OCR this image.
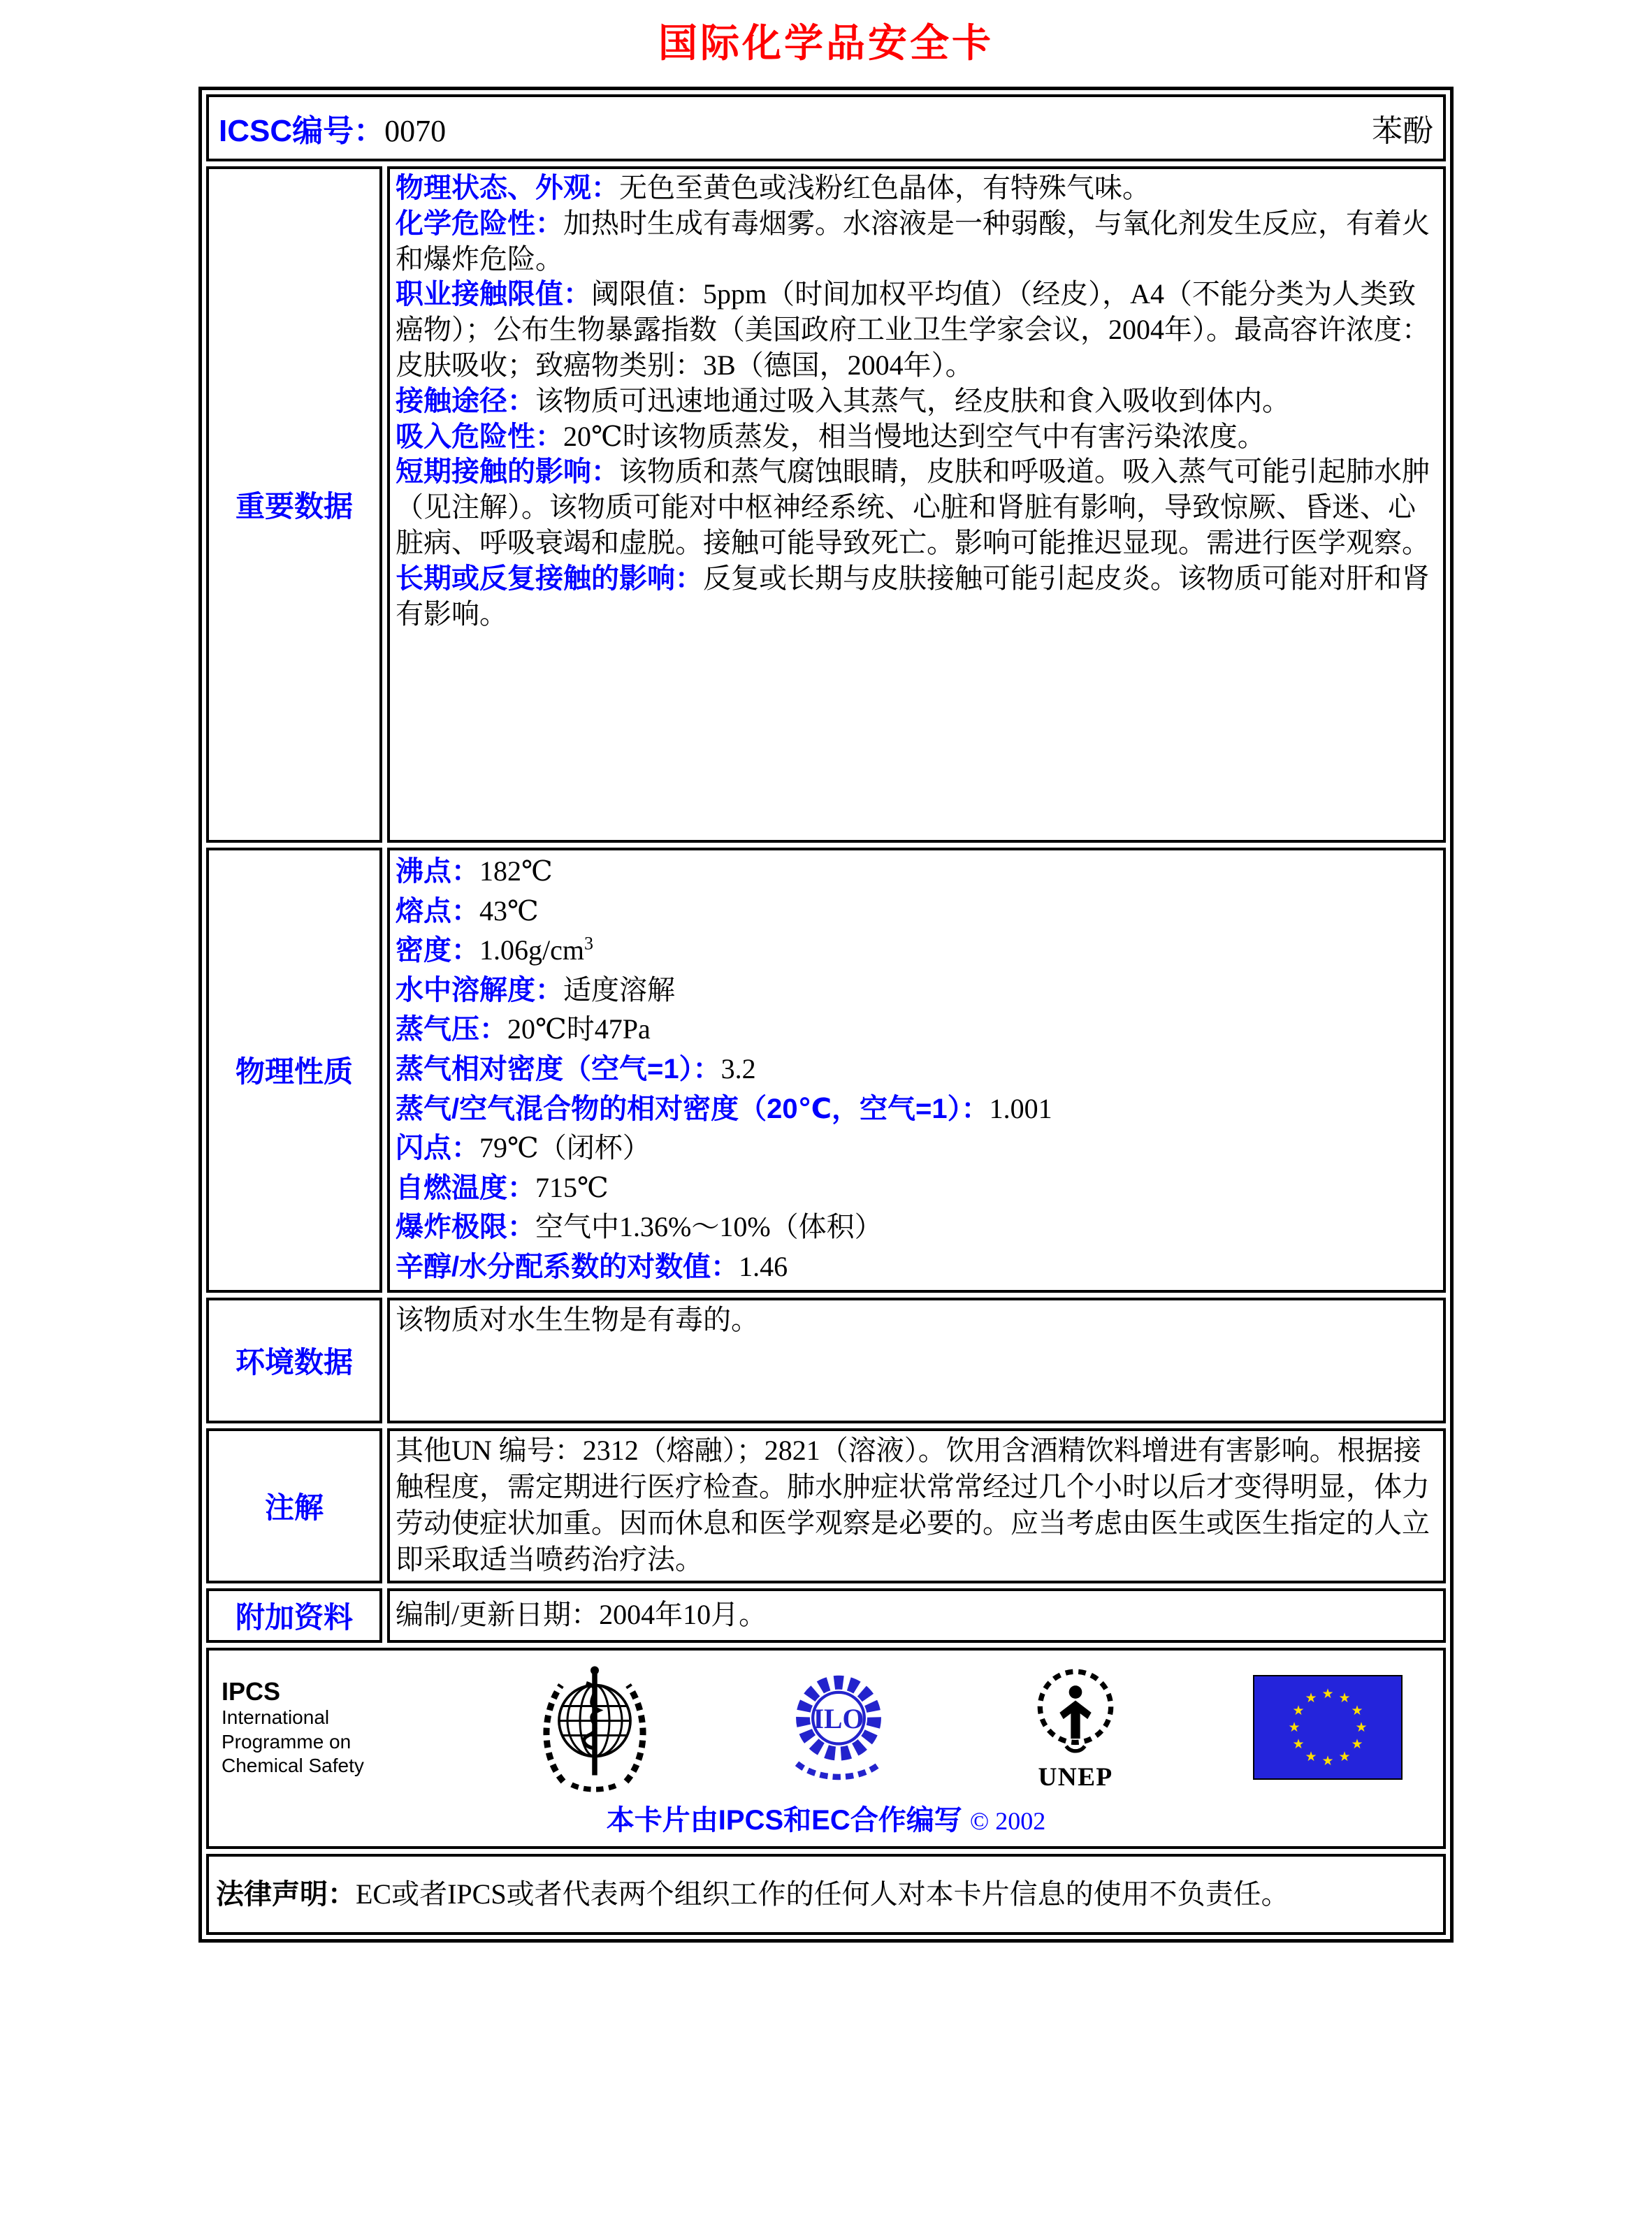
国际化学品安全卡
ICSC编号：0070	苯酚
重要数据

物理状态、外观：无色至黄色或浅粉红色晶体，有特殊气味。

化学危险性：加热时生成有毒烟雾。水溶液是一种弱酸，与氧化剂发生反应，有着火和爆炸危险。

职业接触限值：阈限值：5ppm（时间加权平均值）（经皮），A4（不能分类为人类致癌物）；公布生物暴露指数（美国政府工业卫生学家会议，2004年）。最高容许浓度：皮肤吸收；致癌物类别：3B（德国，2004年）。

接触途径：该物质可迅速地通过吸入其蒸气，经皮肤和食入吸收到体内。

吸入危险性：20℃时该物质蒸发，相当慢地达到空气中有害污染浓度。

短期接触的影响：该物质和蒸气腐蚀眼睛，皮肤和呼吸道。吸入蒸气可能引起肺水肿（见注解）。该物质可能对中枢神经系统、心脏和肾脏有影响，导致惊厥、昏迷、心脏病、呼吸衰竭和虚脱。接触可能导致死亡。影响可能推迟显现。需进行医学观察。

长期或反复接触的影响：反复或长期与皮肤接触可能引起皮炎。该物质可能对肝和肾有影响。

物理性质

沸点：182℃

熔点：43℃

密度：$1.06g/cm^3$

水中溶解度：适度溶解

蒸气压：20℃时47Pa

蒸气相对密度（空气=1）：3.2

蒸气/空气混合物的相对密度（20℃，空气=1）：1.001

闪点：79℃（闭杯）

自燃温度：715℃

爆炸极限：空气中1.36%～10%（体积）

辛醇/水分配系数的对数值：1.46

环境数据

该物质对水生生物是有毒的。

注解

其他UN 编号：2312（熔融）；2821（溶液）。饮用含酒精饮料增进有害影响。根据接触程度，需定期进行医疗检查。肺水肿症状常常经过几个小时以后才变得明显，体力劳动使症状加重。因而休息和医学观察是必要的。应当考虑由医生或医生指定的人立即采取适当喷药治疗法。

附加资料	编制/更新日期：2004年10月。

IPCS
International
Programme on
Chemical Safety
ILO
UNEP
★ ★
★
★
★
★
★
★
★
★
★
★
本卡片由IPCS和EC合作编写 © 2002

法律声明：EC或者IPCS或者代表两个组织工作的任何人对本卡片信息的使用不负责任。
